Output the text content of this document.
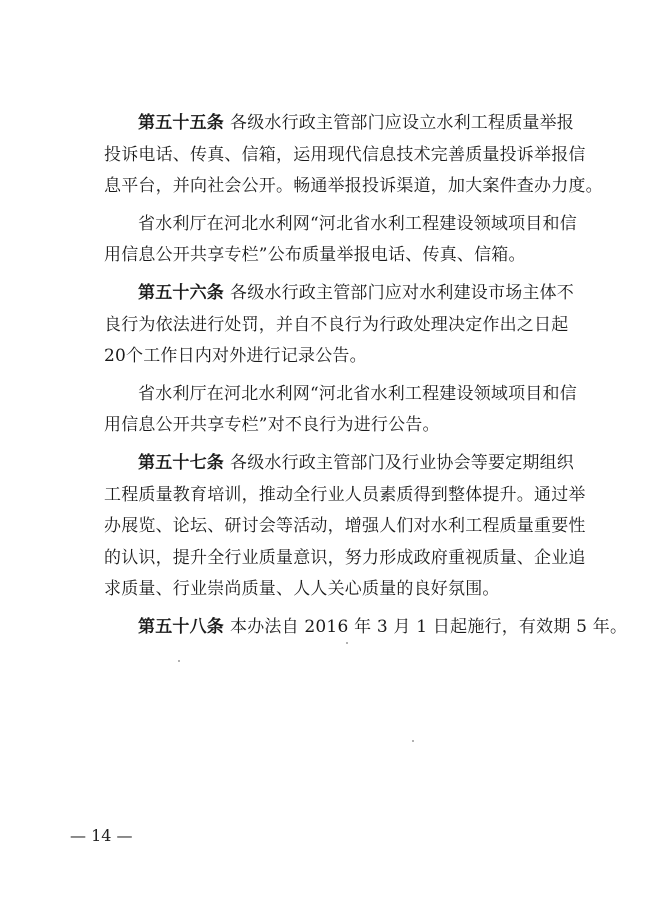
第五十五条 各级水行政主管部门应设立水利工程质量举报
投诉电话、传真、信箱，运用现代信息技术完善质量投诉举报信
息平台，并向社会公开。畅通举报投诉渠道，加大案件查办力度。

省水利厅在河北水利网“河北省水利工程建设领域项目和信
用信息公开共享专栏”公布质量举报电话、传真、信箱。

第五十六条 各级水行政主管部门应对水利建设市场主体不
良行为依法进行处罚，并自不良行为行政处理决定作出之日起
20个工作日内对外进行记录公告。

省水利厅在河北水利网“河北省水利工程建设领域项目和信
用信息公开共享专栏”对不良行为进行公告。

第五十七条 各级水行政主管部门及行业协会等要定期组织
工程质量教育培训，推动全行业人员素质得到整体提升。通过举
办展览、论坛、研讨会等活动，增强人们对水利工程质量重要性
的认识，提升全行业质量意识，努力形成政府重视质量、企业追
求质量、行业崇尚质量、人人关心质量的良好氛围。

第五十八条 本办法自 2016 年 3 月 1 日起施行，有效期 5 年。

— 14 —
